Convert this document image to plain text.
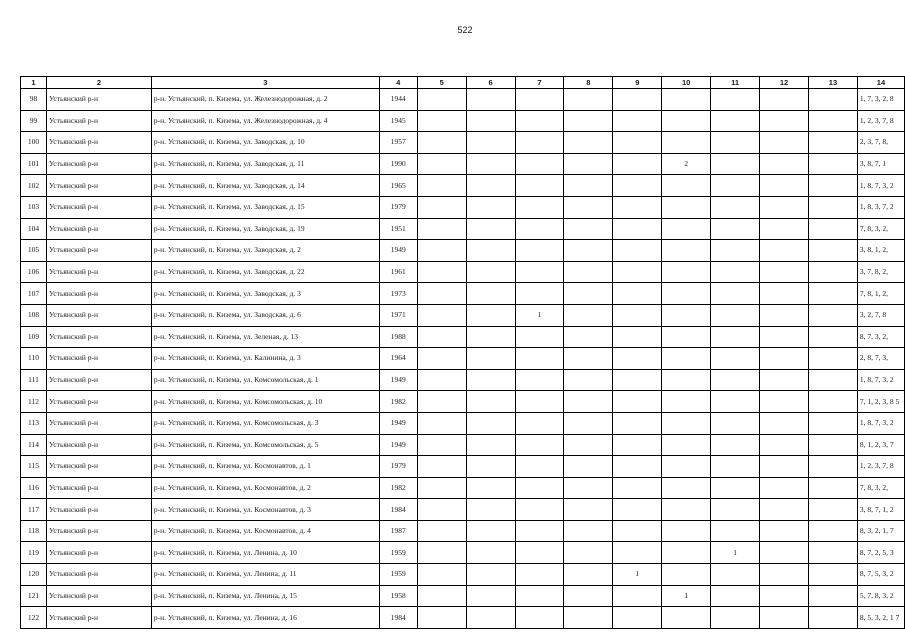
522
1	2	3	4	5	6	7	8	9	10	11	12	13	14
98	Устьянский р-н	р-н. Устьянский, п. Кизема, ул. Железнодорожная, д. 2	1944										1, 7, 3, 2, 8
99	Устьянский р-н	р-н. Устьянский, п. Кизема, ул. Железнодорожная, д. 4	1945										1, 2, 3, 7, 8
100	Устьянский р-н	р-н. Устьянский, п. Кизема, ул. Заводская, д. 10	1957										2, 3, 7, 8,
101	Устьянский р-н	р-н. Устьянский, п. Кизема, ул. Заводская, д. 11	1990						2				3, 8, 7, 1
102	Устьянский р-н	р-н. Устьянский, п. Кизема, ул. Заводская, д. 14	1965										1, 8, 7, 3, 2
103	Устьянский р-н	р-н. Устьянский, п. Кизема, ул. Заводская, д. 15	1979										1, 8, 3, 7, 2
104	Устьянский р-н	р-н. Устьянский, п. Кизема, ул. Заводская, д. 19	1951										7, 8, 3, 2,
105	Устьянский р-н	р-н. Устьянский, п. Кизема, ул. Заводская, д. 2	1949										3, 8, 1, 2,
106	Устьянский р-н	р-н. Устьянский, п. Кизема, ул. Заводская, д. 22	1961										3, 7, 8, 2,
107	Устьянский р-н	р-н. Устьянский, п. Кизема, ул. Заводская, д. 3	1973										7, 8, 1, 2,
108	Устьянский р-н	р-н. Устьянский, п. Кизема, ул. Заводская, д. 6	1971			1							3, 2, 7, 8
109	Устьянский р-н	р-н. Устьянский, п. Кизема, ул. Зеленая, д. 13	1988										8, 7, 3, 2,
110	Устьянский р-н	р-н. Устьянский, п. Кизема, ул. Калинина, д. 3	1964										2, 8, 7, 3,
111	Устьянский р-н	р-н. Устьянский, п. Кизема, ул. Комсомольская, д. 1	1949										1, 8, 7, 3, 2
112	Устьянский р-н	р-н. Устьянский, п. Кизема, ул. Комсомольская, д. 10	1982										7, 1, 2, 3, 8 5
113	Устьянский р-н	р-н. Устьянский, п. Кизема, ул. Комсомольская, д. 3	1949										1, 8, 7, 3, 2
114	Устьянский р-н	р-н. Устьянский, п. Кизема, ул. Комсомольская, д. 5	1949										8, 1, 2, 3, 7
115	Устьянский р-н	р-н. Устьянский, п. Кизема, ул. Космонавтов, д. 1	1979										1, 2, 3, 7, 8
116	Устьянский р-н	р-н. Устьянский, п. Кизема, ул. Космонавтов, д. 2	1982										7, 8, 3, 2,
117	Устьянский р-н	р-н. Устьянский, п. Кизема, ул. Космонавтов, д. 3	1984										3, 8, 7, 1, 2
118	Устьянский р-н	р-н. Устьянский, п. Кизема, ул. Космонавтов, д. 4	1987										8, 3, 2, 1, 7
119	Устьянский р-н	р-н. Устьянский, п. Кизема, ул. Ленина, д. 10	1959							1			8, 7, 2, 5, 3
120	Устьянский р-н	р-н. Устьянский, п. Кизема, ул. Ленина, д. 11	1959					1					8, 7, 5, 3, 2
121	Устьянский р-н	р-н. Устьянский, п. Кизема, ул. Ленина, д. 15	1958						1				5, 7, 8, 3, 2
122	Устьянский р-н	р-н. Устьянский, п. Кизема, ул. Ленина, д. 16	1984										8, 5, 3, 2, 1 7
